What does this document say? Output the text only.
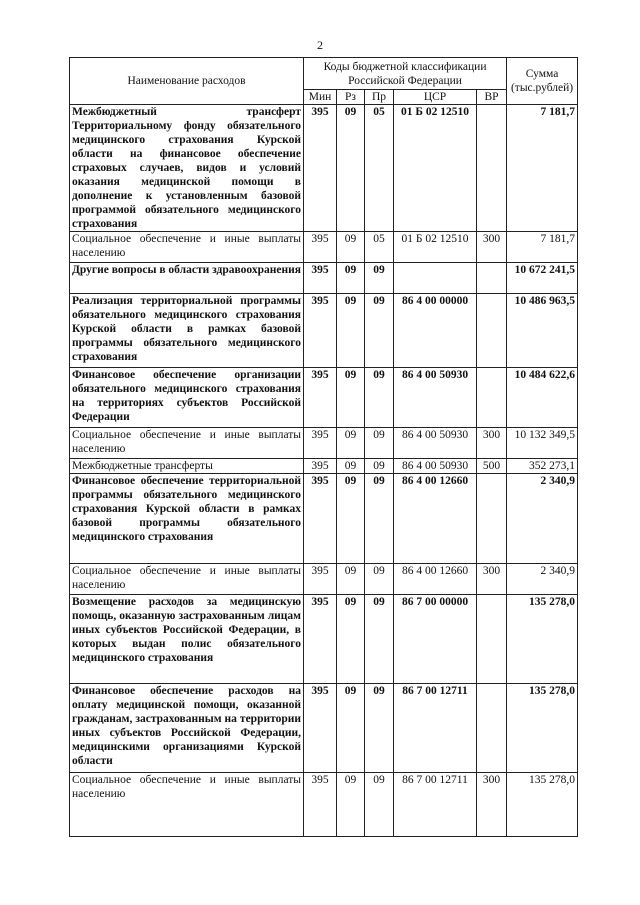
2
Наименование расходов	Коды бюджетной классификации Российской Федерации					Сумма (тыс.рублей)
	Мин	Рз	Пр	ЦСР	ВР	
Межбюджетный трансферт Территориальному фонду обязательного медицинского страхования Курской области на финансовое обеспечение страховых случаев, видов и условий оказания медицинской помощи в дополнение к установленным базовой программой обязательного медицинского страхования	395	09	05	01 Б 02 12510		7 181,7
Социальное обеспечение и иные выплаты населению	395	09	05	01 Б 02 12510	300	7 181,7
Другие вопросы в области здравоохранения	395	09	09			10 672 241,5
Реализация территориальной программы обязательного медицинского страхования Курской области в рамках базовой программы обязательного медицинского страхования	395	09	09	86 4 00 00000		10 486 963,5
Финансовое обеспечение организации обязательного медицинского страхования на территориях субъектов Российской Федерации	395	09	09	86 4 00 50930		10 484 622,6
Социальное обеспечение и иные выплаты населению	395	09	09	86 4 00 50930	300	10 132 349,5
Межбюджетные трансферты	395	09	09	86 4 00 50930	500	352 273,1
Финансовое обеспечение территориальной программы обязательного медицинского страхования Курской области в рамках базовой программы обязательного медицинского страхования	395	09	09	86 4 00 12660		2 340,9
Социальное обеспечение и иные выплаты населению	395	09	09	86 4 00 12660	300	2 340,9
Возмещение расходов за медицинскую помощь, оказанную застрахованным лицам иных субъектов Российской Федерации, в которых выдан полис обязательного медицинского страхования	395	09	09	86 7 00 00000		135 278,0
Финансовое обеспечение расходов на оплату медицинской помощи, оказанной гражданам, застрахованным на территории иных субъектов Российской Федерации, медицинскими организациями Курской области	395	09	09	86 7 00 12711		135 278,0
Социальное обеспечение и иные выплаты населению	395	09	09	86 7 00 12711	300	135 278,0
